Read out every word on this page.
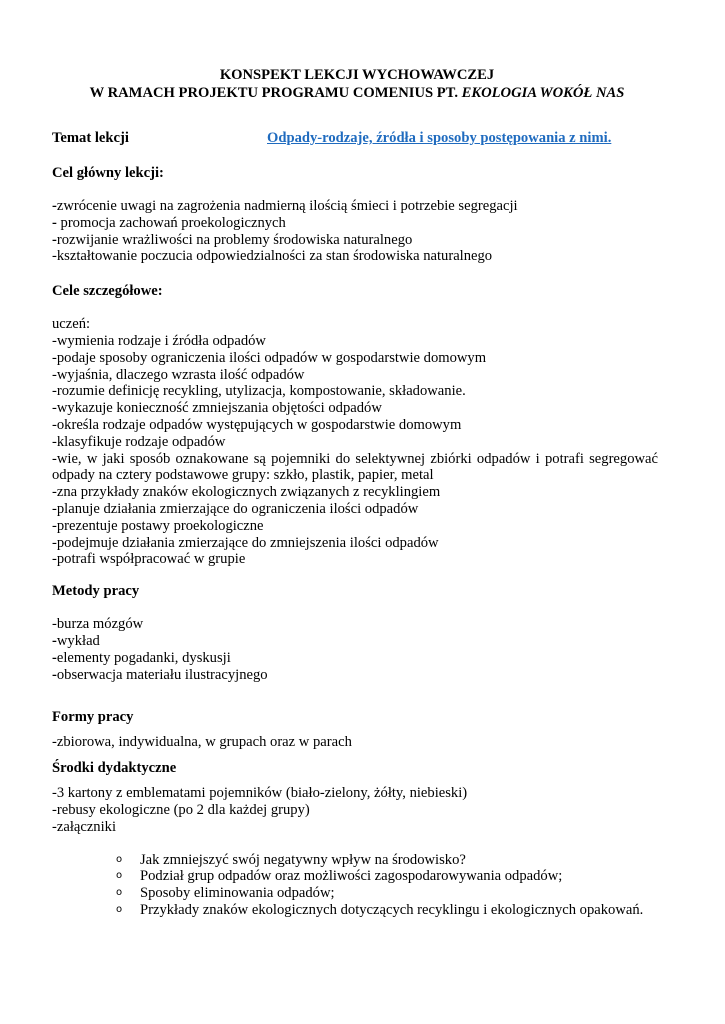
KONSPEKT LEKCJI WYCHOWAWCZEJ
W RAMACH PROJEKTU PROGRAMU COMENIUS PT. EKOLOGIA WOKÓŁ NAS
Temat lekcji	Odpady-rodzaje, źródła i sposoby postępowania z nimi.
Cel główny lekcji:
-zwrócenie uwagi na zagrożenia nadmierną ilością śmieci i potrzebie segregacji
- promocja zachowań proekologicznych
-rozwijanie wrażliwości na problemy środowiska naturalnego
-kształtowanie poczucia odpowiedzialności za stan środowiska naturalnego
Cele szczegółowe:
uczeń:
-wymienia rodzaje i źródła odpadów
-podaje sposoby ograniczenia ilości odpadów w gospodarstwie domowym
-wyjaśnia, dlaczego wzrasta ilość odpadów
-rozumie definicję recykling, utylizacja, kompostowanie, składowanie.
-wykazuje konieczność zmniejszania objętości odpadów
-określa rodzaje odpadów występujących w gospodarstwie domowym
-klasyfikuje rodzaje odpadów
-wie, w jaki sposób oznakowane są pojemniki do selektywnej zbiórki odpadów i potrafi segregować odpady na cztery podstawowe grupy: szkło, plastik, papier, metal
-zna przykłady znaków ekologicznych związanych z recyklingiem
-planuje działania zmierzające do ograniczenia ilości odpadów
-prezentuje postawy proekologiczne
-podejmuje działania zmierzające do zmniejszenia ilości odpadów
-potrafi współpracować w grupie
Metody pracy
-burza mózgów
-wykład
-elementy pogadanki, dyskusji
-obserwacja materiału ilustracyjnego
Formy pracy
-zbiorowa, indywidualna, w grupach oraz w parach
Środki dydaktyczne
-3 kartony z emblematami pojemników (biało-zielony, żółty, niebieski)
-rebusy ekologiczne (po 2 dla każdej grupy)
-załączniki
o Jak zmniejszyć swój negatywny wpływ na środowisko?
o Podział grup odpadów oraz możliwości zagospodarowywania odpadów;
o Sposoby eliminowania odpadów;
o Przykłady znaków ekologicznych dotyczących recyklingu i ekologicznych opakowań.
